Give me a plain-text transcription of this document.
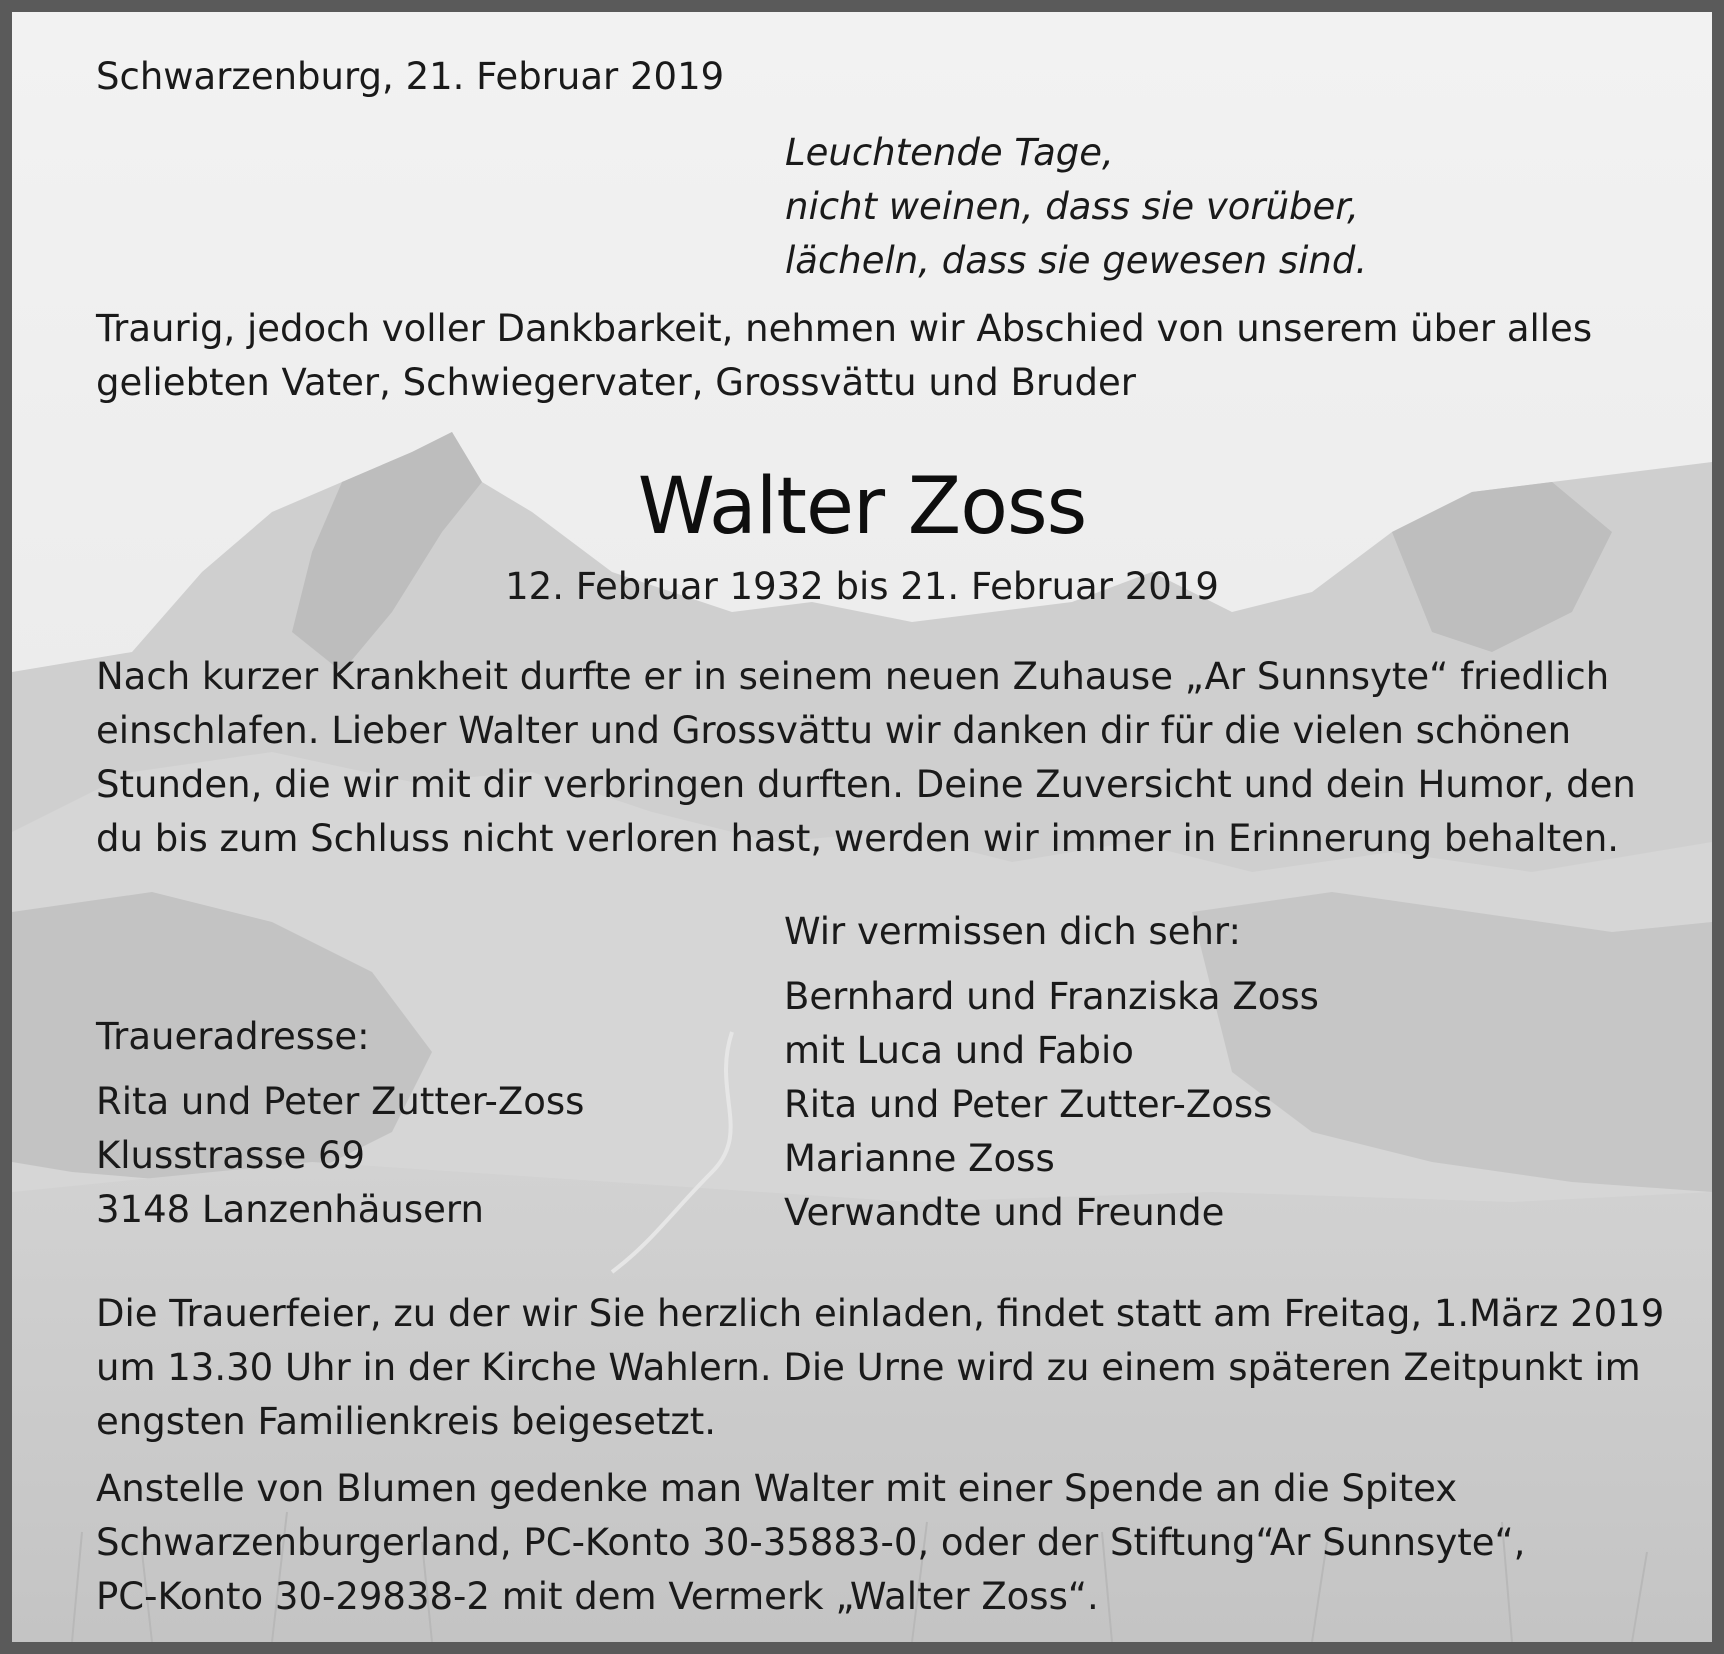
Schwarzenburg, 21. Februar 2019
Leuchtende Tage,
nicht weinen, dass sie vorüber,
lächeln, dass sie gewesen sind.
Traurig, jedoch voller Dankbarkeit, nehmen wir Abschied von unserem über alles
geliebten Vater, Schwiegervater, Grossvättu und Bruder
Walter Zoss
12. Februar 1932 bis 21. Februar 2019
Nach kurzer Krankheit durfte er in seinem neuen Zuhause „Ar Sunnsyte“ friedlich
einschlafen. Lieber Walter und Grossvättu wir danken dir für die vielen schönen
Stunden, die wir mit dir verbringen durften. Deine Zuversicht und dein Humor, den
du bis zum Schluss nicht verloren hast, werden wir immer in Erinnerung behalten.
Wir vermissen dich sehr:
Bernhard und Franziska Zoss
mit Luca und Fabio
Rita und Peter Zutter-Zoss
Marianne Zoss
Verwandte und Freunde
Traueradresse:
Rita und Peter Zutter-Zoss
Klusstrasse 69
3148 Lanzenhäusern
Die Trauerfeier, zu der wir Sie herzlich einladen, findet statt am Freitag, 1.März 2019
um 13.30 Uhr in der Kirche Wahlern. Die Urne wird zu einem späteren Zeitpunkt im
engsten Familienkreis beigesetzt.
Anstelle von Blumen gedenke man Walter mit einer Spende an die Spitex
Schwarzenburgerland, PC-Konto 30-35883-0, oder der Stiftung“Ar Sunnsyte“,
PC-Konto 30-29838-2 mit dem Vermerk „Walter Zoss“.
